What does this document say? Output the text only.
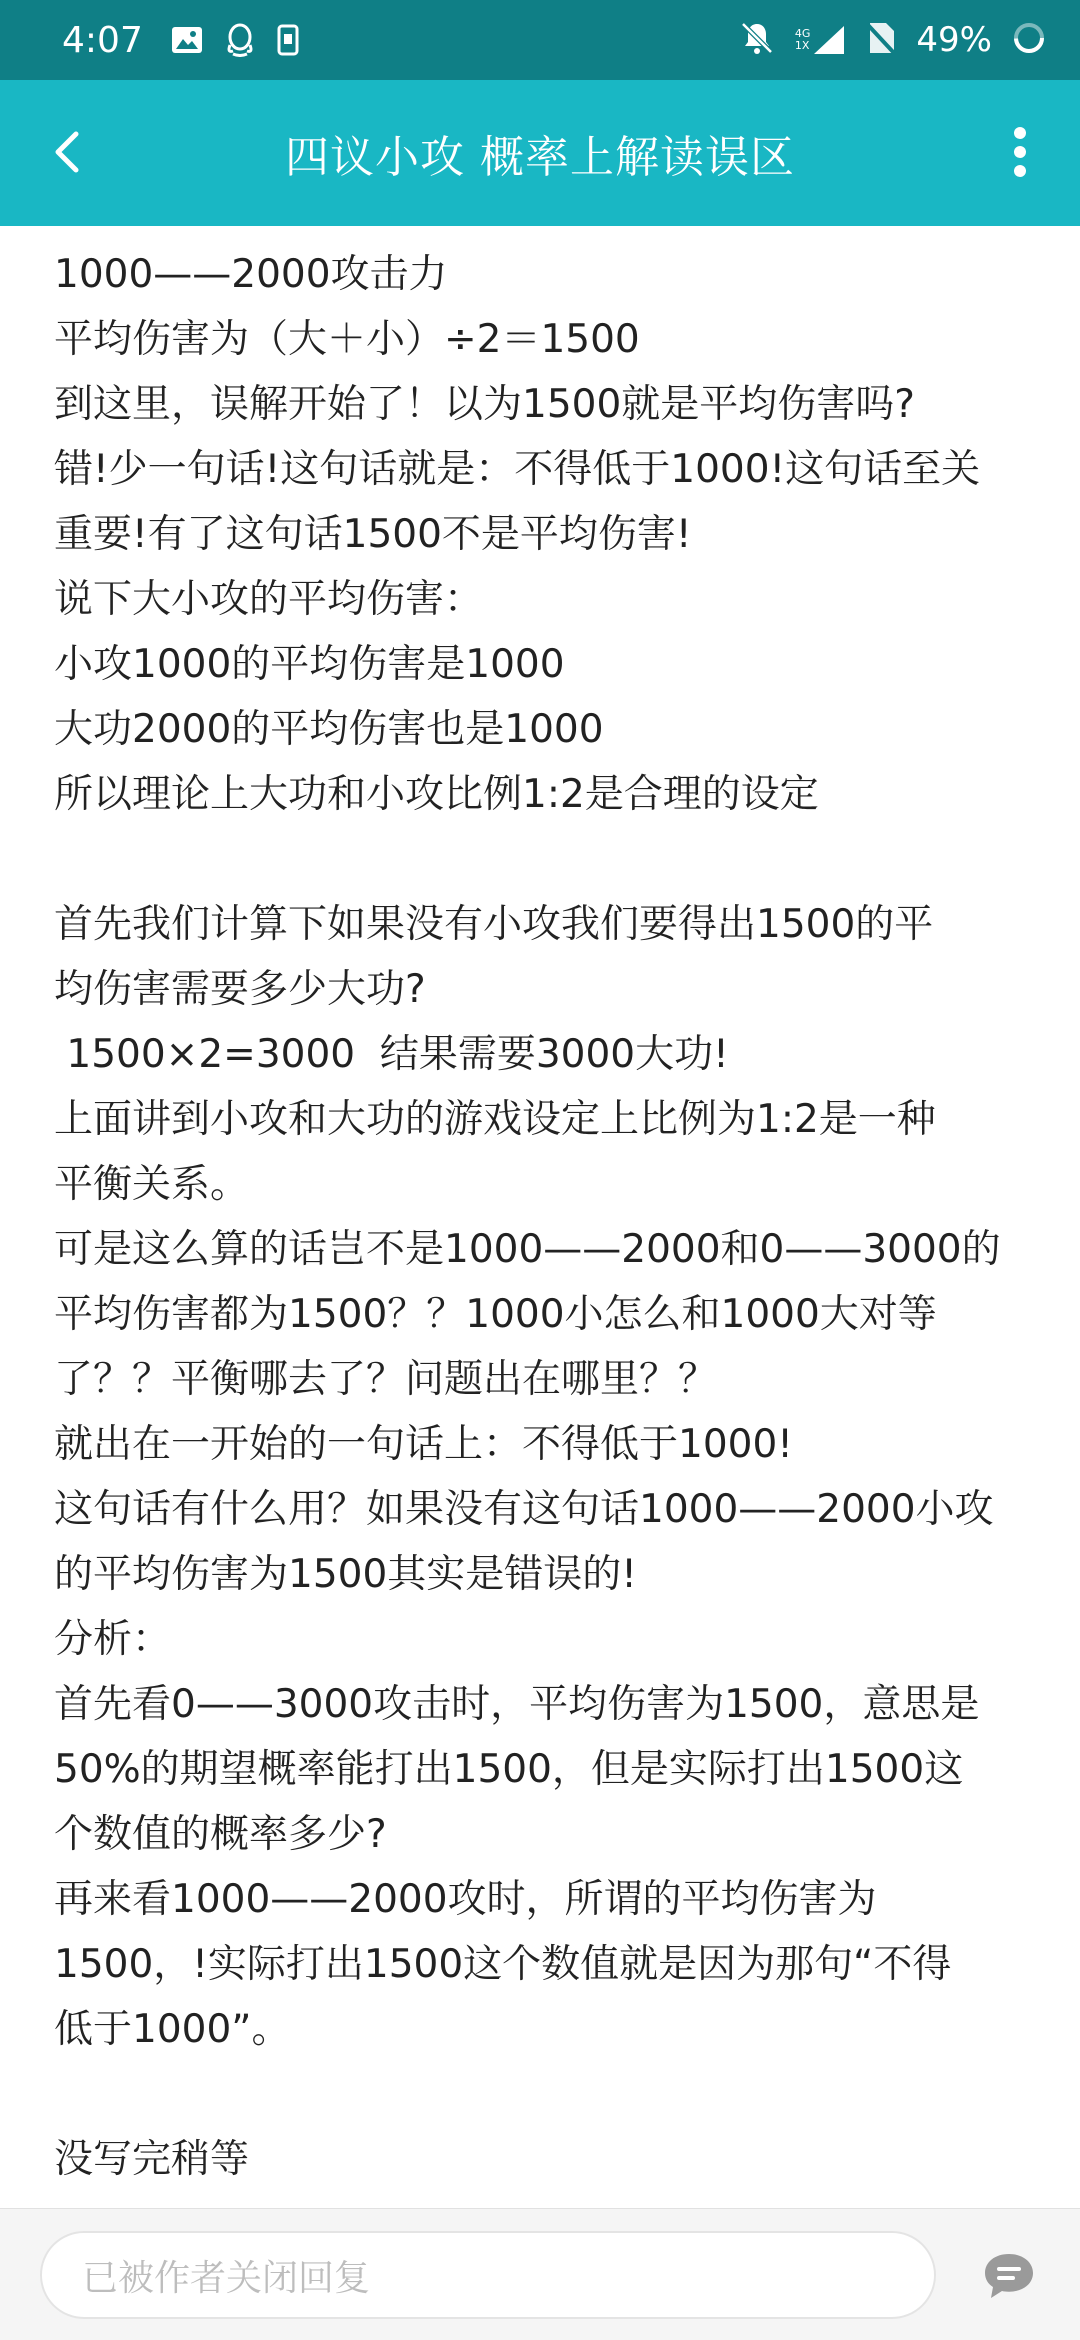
4:07	4G
1X	49%
四议小攻 概率上解读误区
1000——2000攻击力
平均伤害为（大＋小）÷2＝1500
到这里，误解开始了！以为1500就是平均伤害吗?
错!少一句话!这句话就是：不得低于1000!这句话至关
重要!有了这句话1500不是平均伤害!
说下大小攻的平均伤害：
小攻1000的平均伤害是1000
大功2000的平均伤害也是1000
所以理论上大功和小攻比例1:2是合理的设定
首先我们计算下如果没有小攻我们要得出1500的平
均伤害需要多少大功?
1500×2=3000  结果需要3000大功!
上面讲到小攻和大功的游戏设定上比例为1:2是一种
平衡关系。
可是这么算的话岂不是1000——2000和0——3000的
平均伤害都为1500？？1000小怎么和1000大对等
了？？平衡哪去了？问题出在哪里？？
就出在一开始的一句话上：不得低于1000!
这句话有什么用？如果没有这句话1000——2000小攻
的平均伤害为1500其实是错误的!
分析：
首先看0——3000攻击时，平均伤害为1500，意思是
50%的期望概率能打出1500，但是实际打出1500这
个数值的概率多少?
再来看1000——2000攻时，所谓的平均伤害为
1500，!实际打出1500这个数值就是因为那句“不得
低于1000”。
没写完稍等
已被作者关闭回复
